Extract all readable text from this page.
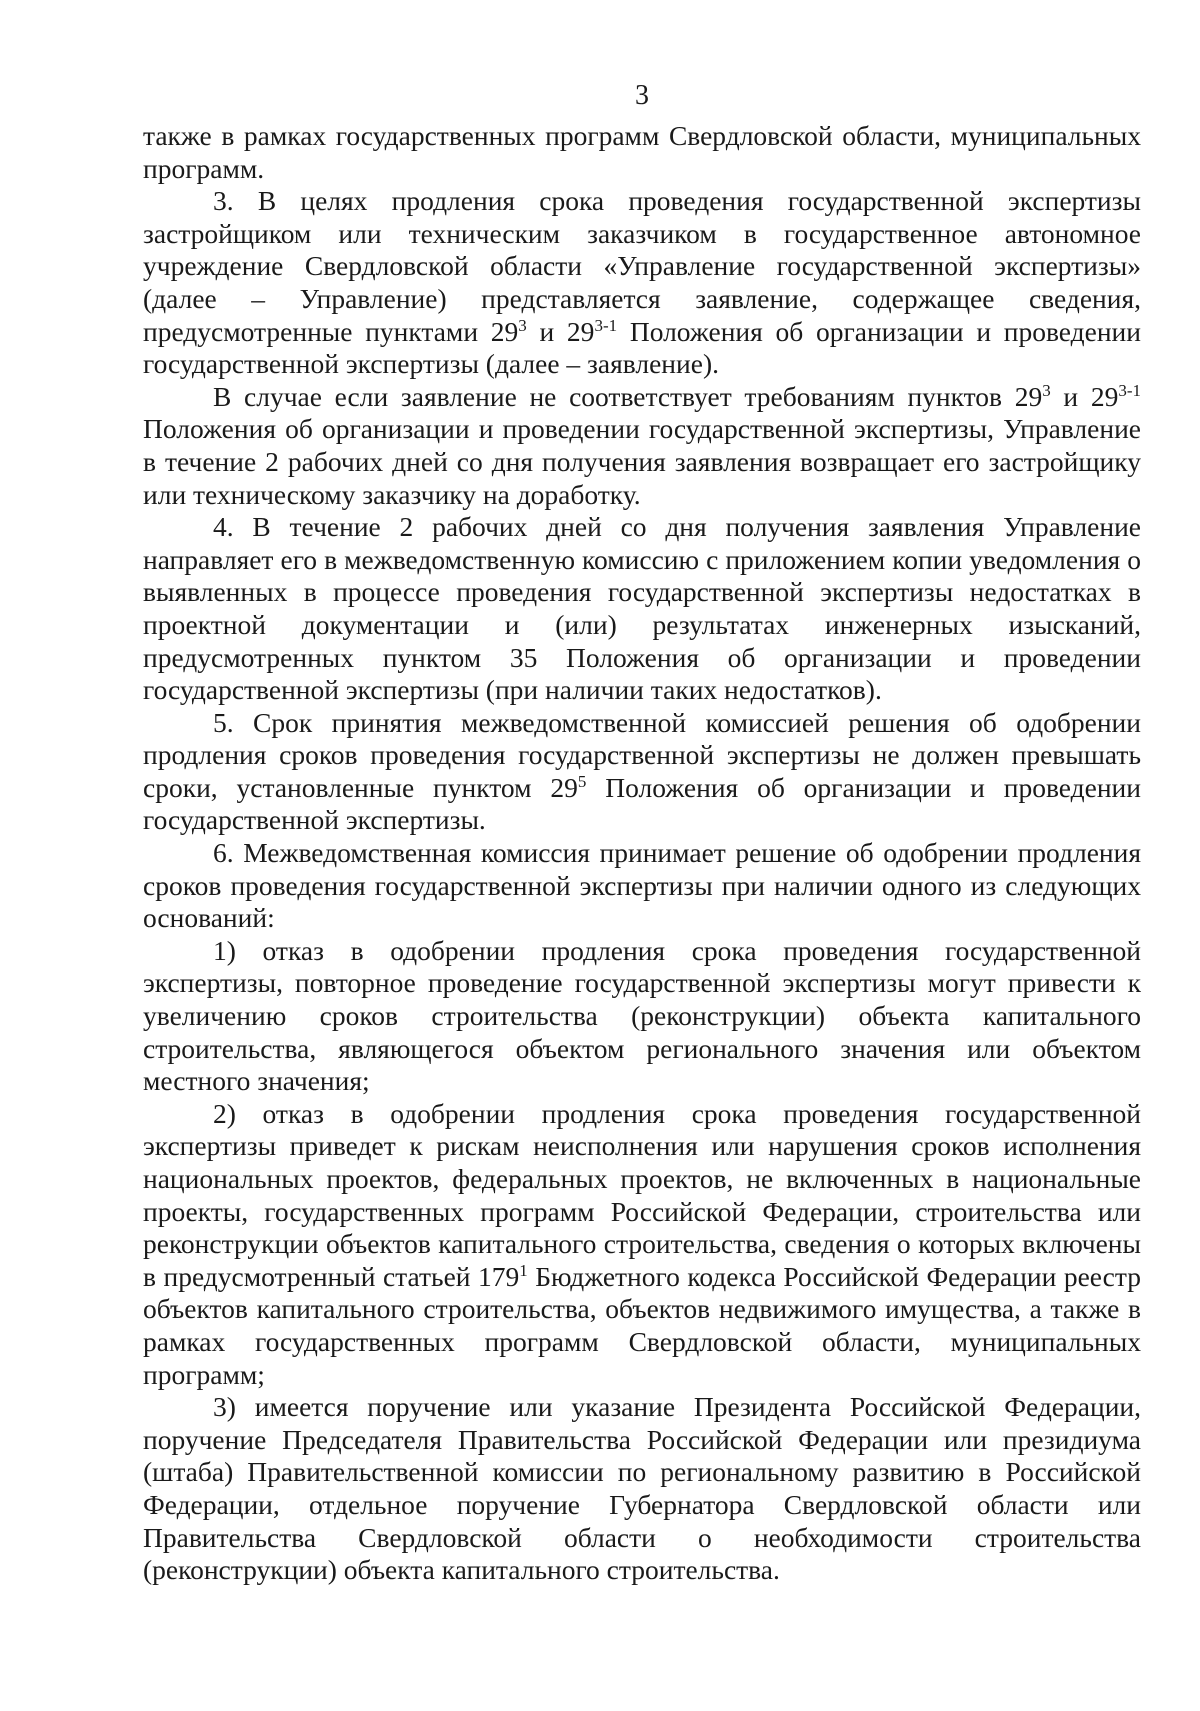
3

также в рамках государственных программ Свердловской области, муниципальных программ.

3. В целях продления срока проведения государственной экспертизы застройщиком или техническим заказчиком в государственное автономное учреждение Свердловской области «Управление государственной экспертизы» (далее – Управление) представляется заявление, содержащее сведения, предусмотренные пунктами $29^3$ и 29$^{3-1}$ Положения об организации и проведении государственной экспертизы (далее – заявление).

В случае если заявление не соответствует требованиям пунктов $29^3$ и 29$^{3-1}$ Положения об организации и проведении государственной экспертизы, Управление в течение 2 рабочих дней со дня получения заявления возвращает его застройщику или техническому заказчику на доработку.

4. В течение 2 рабочих дней со дня получения заявления Управление направляет его в межведомственную комиссию с приложением копии уведомления о выявленных в процессе проведения государственной экспертизы недостатках в проектной документации и (или) результатах инженерных изысканий, предусмотренных пунктом 35 Положения об организации и проведении государственной экспертизы (при наличии таких недостатков).

5. Срок принятия межведомственной комиссией решения об одобрении продления сроков проведения государственной экспертизы не должен превышать сроки, установленные пунктом $29^5$ Положения об организации и проведении государственной экспертизы.

6. Межведомственная комиссия принимает решение об одобрении продления сроков проведения государственной экспертизы при наличии одного из следующих оснований:

1) отказ в одобрении продления срока проведения государственной экспертизы, повторное проведение государственной экспертизы могут привести к увеличению сроков строительства (реконструкции) объекта капитального строительства, являющегося объектом регионального значения или объектом местного значения;

2) отказ в одобрении продления срока проведения государственной экспертизы приведет к рискам неисполнения или нарушения сроков исполнения национальных проектов, федеральных проектов, не включенных в национальные проекты, государственных программ Российской Федерации, строительства или реконструкции объектов капитального строительства, сведения о которых включены в предусмотренный статьей $179^1$ Бюджетного кодекса Российской Федерации реестр объектов капитального строительства, объектов недвижимого имущества, а также в рамках государственных программ Свердловской области, муниципальных программ;

3) имеется поручение или указание Президента Российской Федерации, поручение Председателя Правительства Российской Федерации или президиума (штаба) Правительственной комиссии по региональному развитию в Российской Федерации, отдельное поручение Губернатора Свердловской области или Правительства Свердловской области о необходимости строительства (реконструкции) объекта капитального строительства.
